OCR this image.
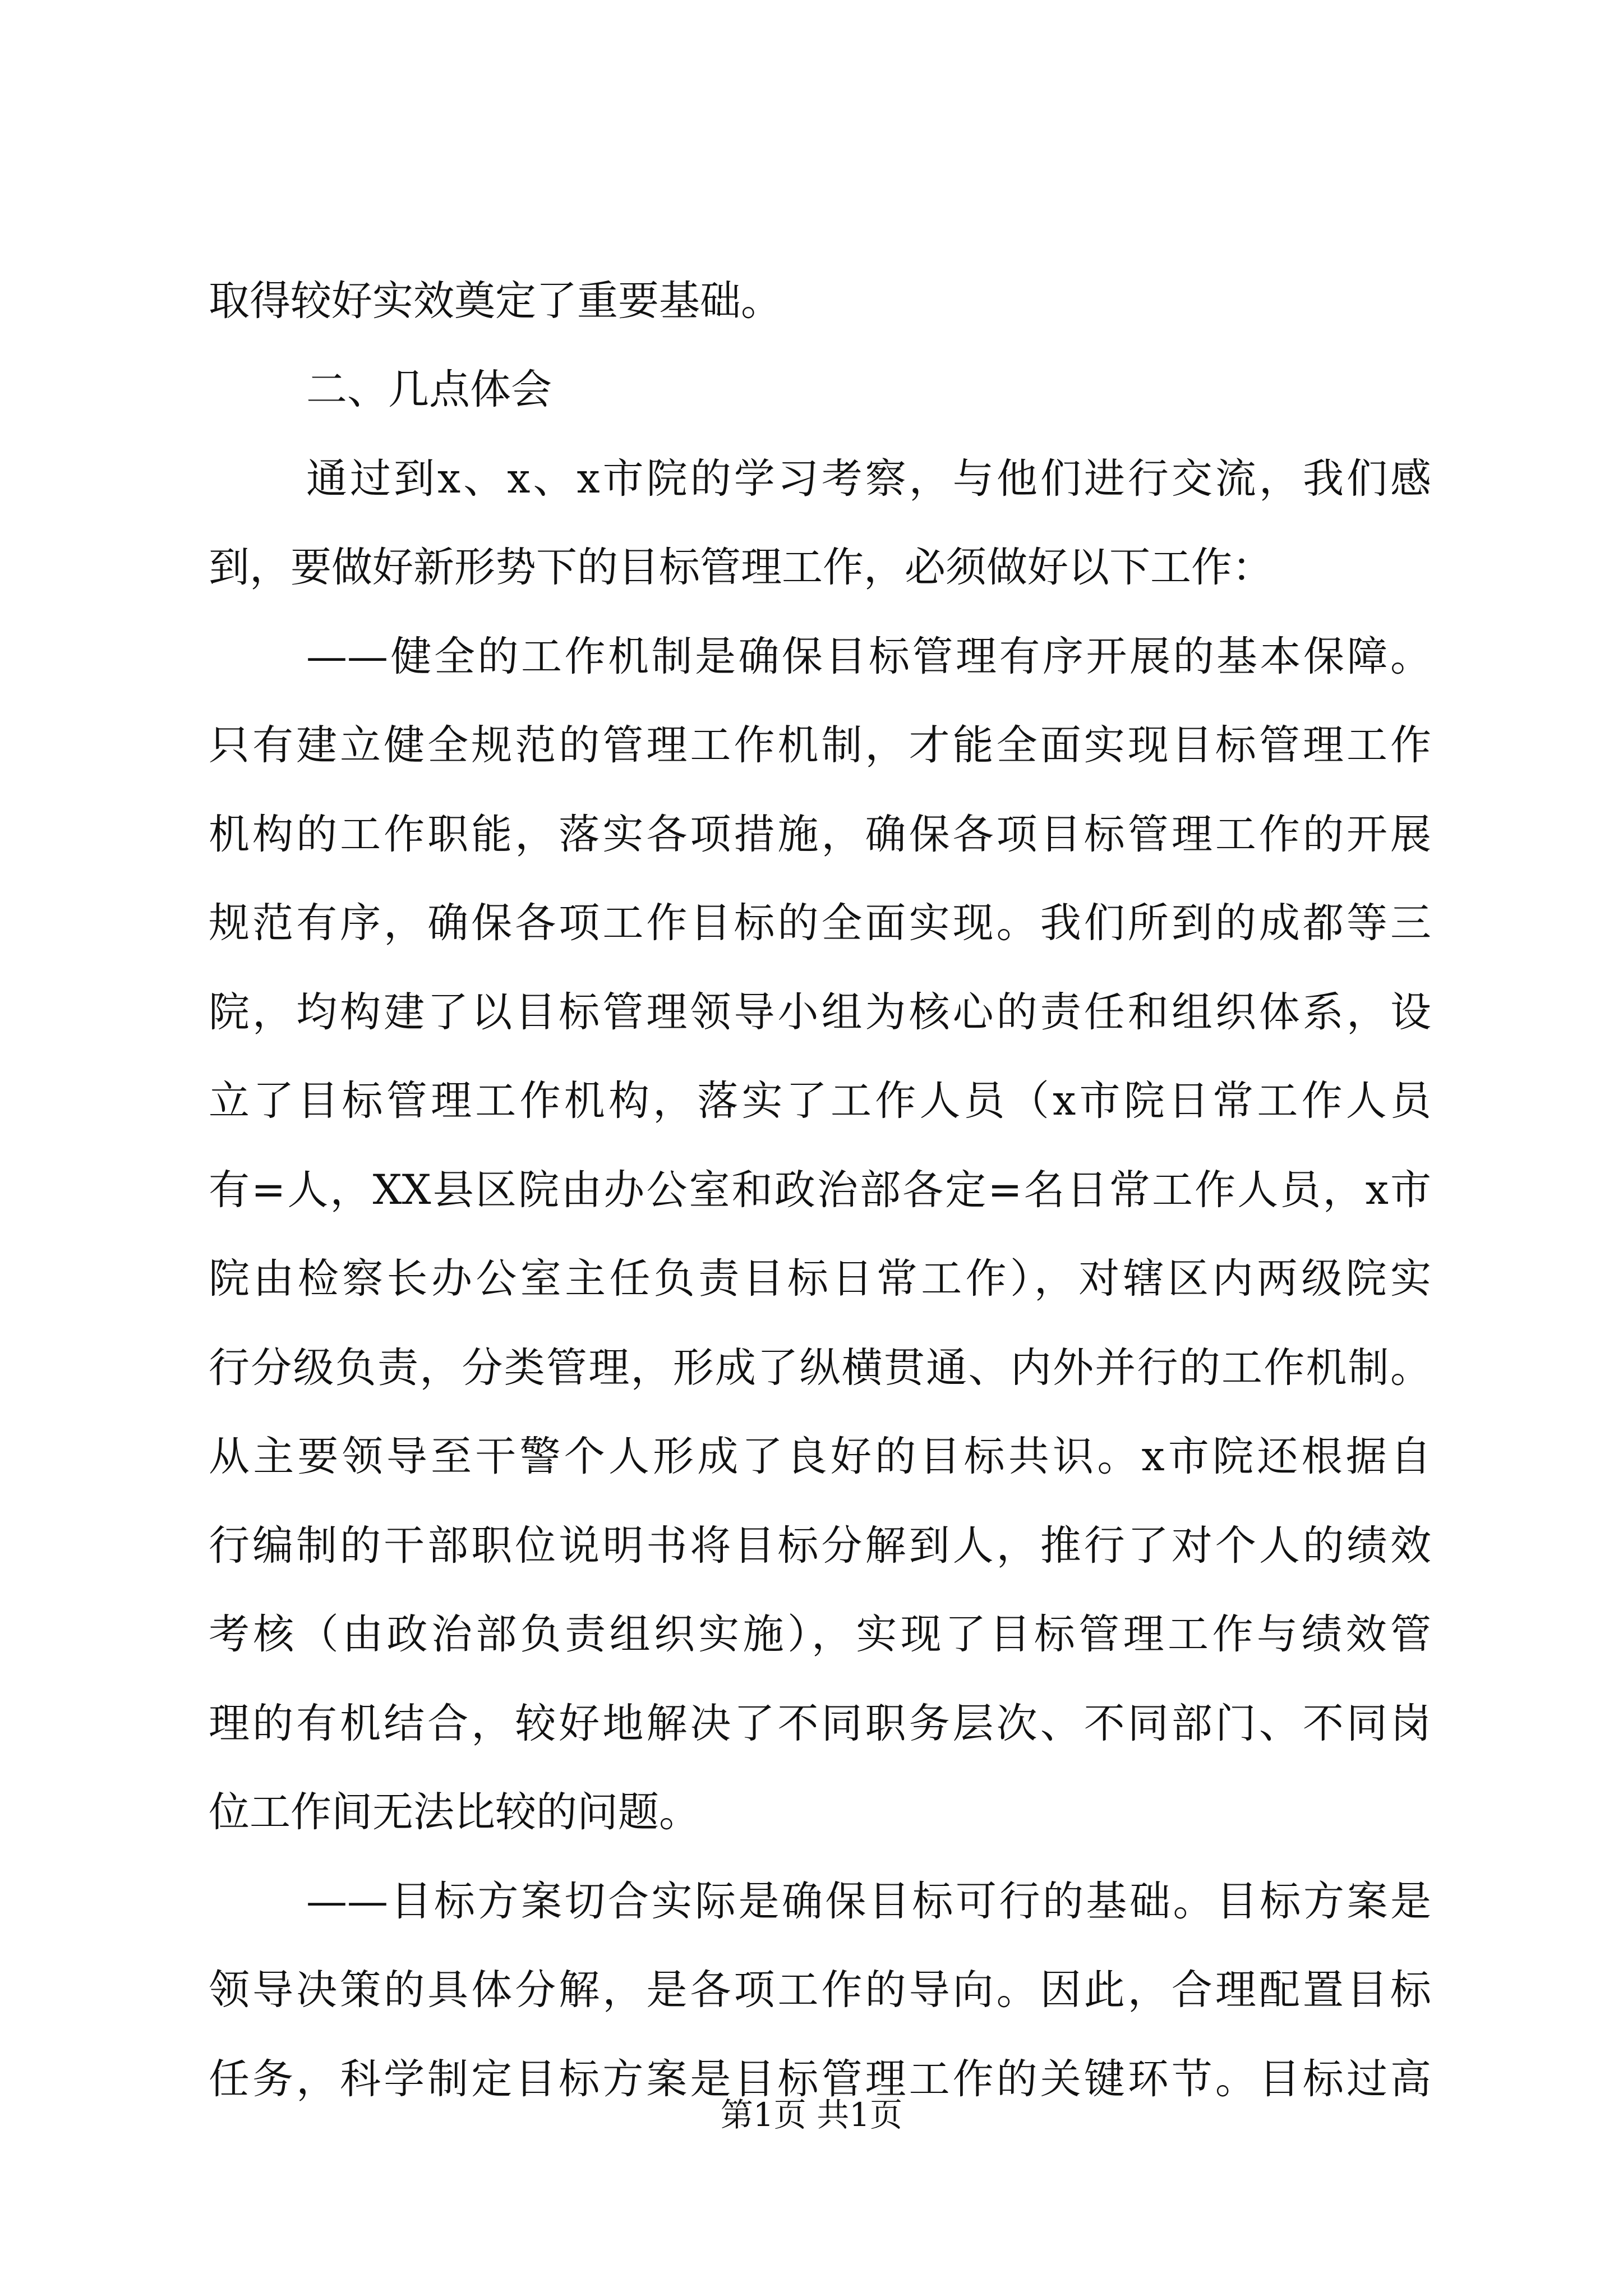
取得较好实效奠定了重要基础。
二、几点体会
通过到x、x、x市院的学习考察，与他们进行交流，我们感
到，要做好新形势下的目标管理工作，必须做好以下工作：
——健全的工作机制是确保目标管理有序开展的基本保障。
只有建立健全规范的管理工作机制，才能全面实现目标管理工作
机构的工作职能，落实各项措施，确保各项目标管理工作的开展
规范有序，确保各项工作目标的全面实现。我们所到的成都等三
院，均构建了以目标管理领导小组为核心的责任和组织体系，设
立了目标管理工作机构，落实了工作人员（x市院日常工作人员
有=人，XX县区院由办公室和政治部各定=名日常工作人员，x市
院由检察长办公室主任负责目标日常工作），对辖区内两级院实
行分级负责，分类管理，形成了纵横贯通、内外并行的工作机制。
从主要领导至干警个人形成了良好的目标共识。x市院还根据自
行编制的干部职位说明书将目标分解到人，推行了对个人的绩效
考核（由政治部负责组织实施），实现了目标管理工作与绩效管
理的有机结合，较好地解决了不同职务层次、不同部门、不同岗
位工作间无法比较的问题。
——目标方案切合实际是确保目标可行的基础。目标方案是
领导决策的具体分解，是各项工作的导向。因此，合理配置目标
任务，科学制定目标方案是目标管理工作的关键环节。目标过高
第1页 共1页
